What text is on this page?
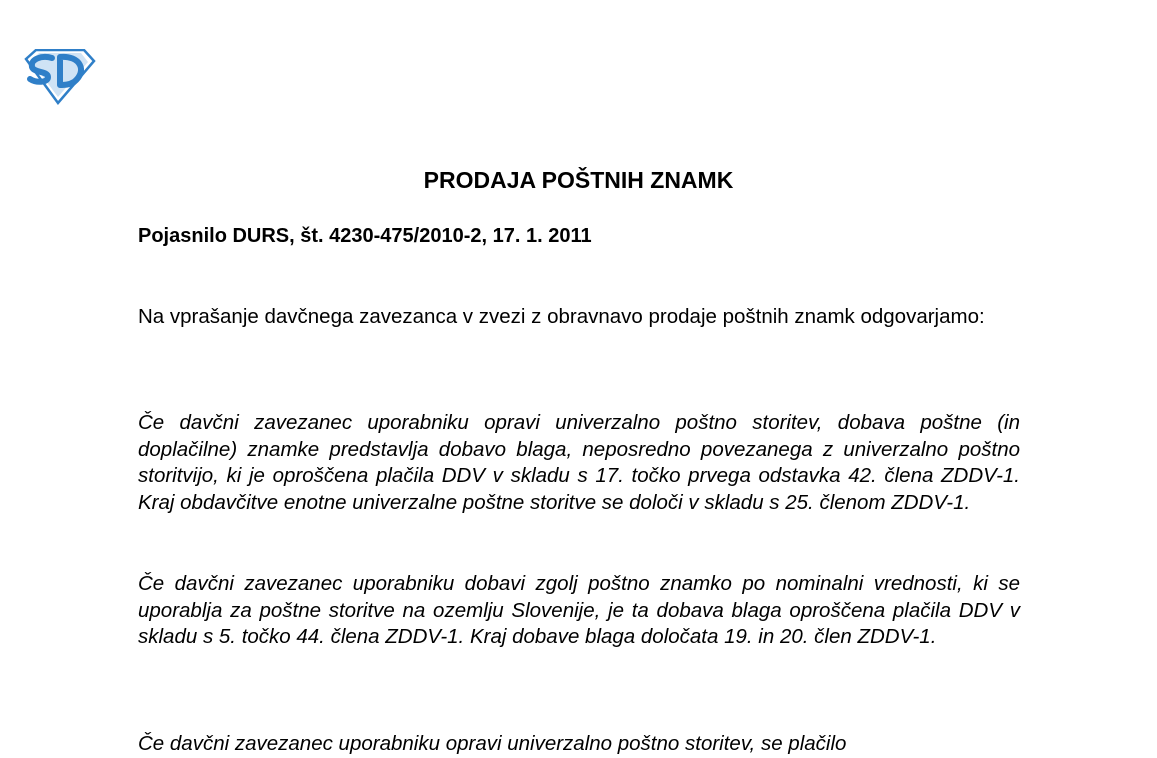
PRODAJA POŠTNIH ZNAMK
Pojasnilo DURS, št. 4230-475/2010-2, 17. 1. 2011

Na vprašanje davčnega zavezanca v zvezi z obravnavo prodaje poštnih znamk odgovarjamo:

Če davčni zavezanec uporabniku opravi univerzalno poštno storitev, dobava poštne (in doplačilne) znamke predstavlja dobavo blaga, neposredno povezanega z univerzalno poštno storitvijo, ki je oproščena plačila DDV v skladu s 17. točko prvega odstavka 42. člena ZDDV-1. Kraj obdavčitve enotne univerzalne poštne storitve se določi v skladu s 25. členom ZDDV-1.

Če davčni zavezanec uporabniku dobavi zgolj poštno znamko po nominalni vrednosti, ki se uporablja za poštne storitve na ozemlju Slovenije, je ta dobava blaga oproščena plačila DDV v skladu s 5. točko 44. člena ZDDV-1. Kraj dobave blaga določata 19. in 20. člen ZDDV-1.

Če davčni zavezanec uporabniku opravi univerzalno poštno storitev, se plačilo
